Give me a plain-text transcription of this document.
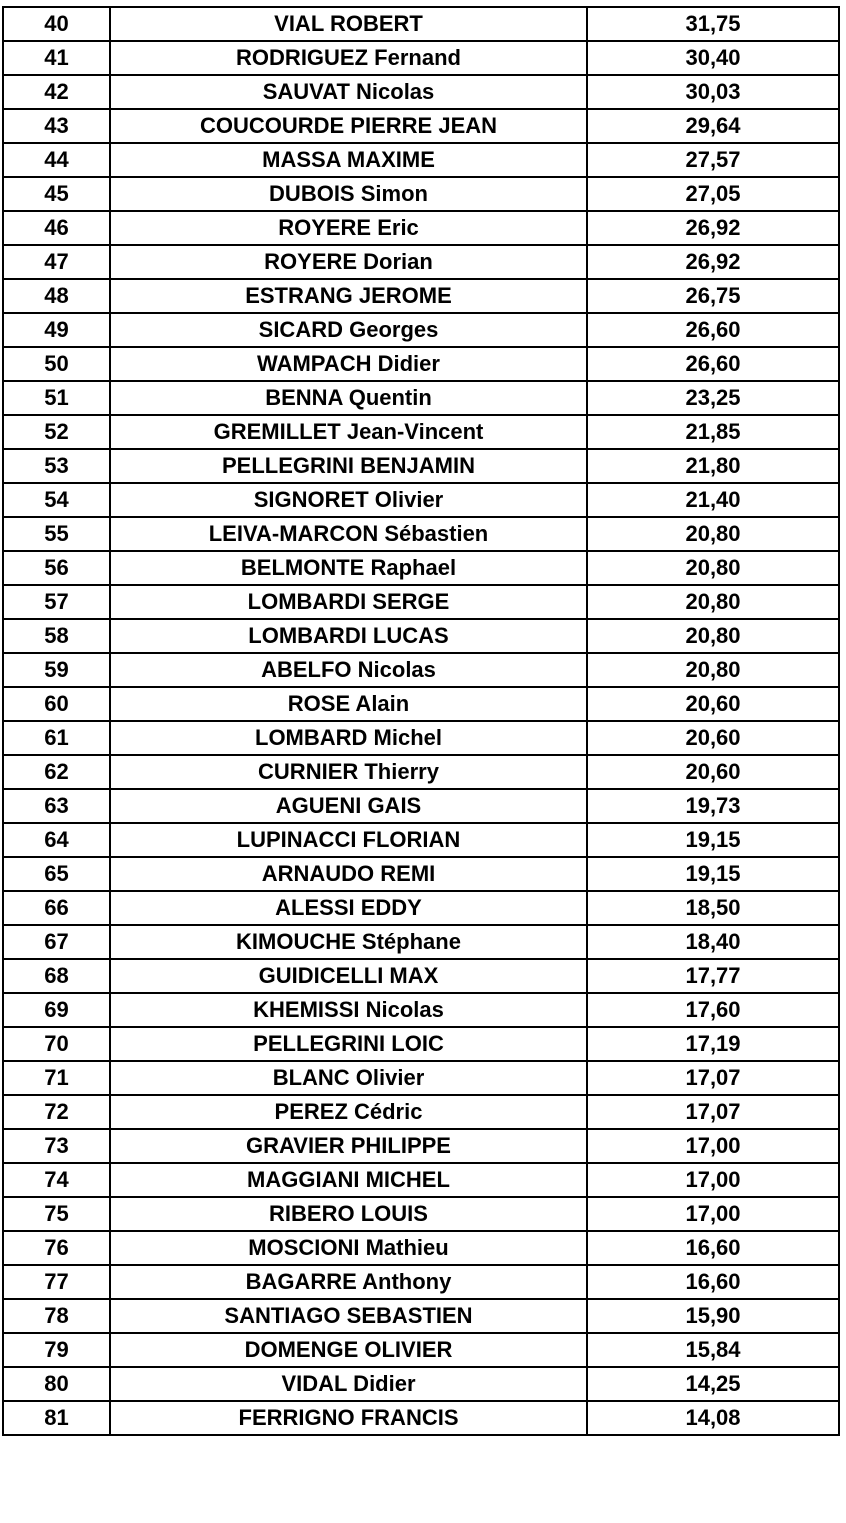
40	VIAL ROBERT	31,75
41	RODRIGUEZ Fernand	30,40
42	SAUVAT Nicolas	30,03
43	COUCOURDE PIERRE JEAN	29,64
44	MASSA MAXIME	27,57
45	DUBOIS Simon	27,05
46	ROYERE Eric	26,92
47	ROYERE Dorian	26,92
48	ESTRANG JEROME	26,75
49	SICARD Georges	26,60
50	WAMPACH Didier	26,60
51	BENNA Quentin	23,25
52	GREMILLET Jean-Vincent	21,85
53	PELLEGRINI BENJAMIN	21,80
54	SIGNORET Olivier	21,40
55	LEIVA-MARCON Sébastien	20,80
56	BELMONTE Raphael	20,80
57	LOMBARDI SERGE	20,80
58	LOMBARDI LUCAS	20,80
59	ABELFO Nicolas	20,80
60	ROSE Alain	20,60
61	LOMBARD Michel	20,60
62	CURNIER Thierry	20,60
63	AGUENI GAIS	19,73
64	LUPINACCI FLORIAN	19,15
65	ARNAUDO REMI	19,15
66	ALESSI EDDY	18,50
67	KIMOUCHE Stéphane	18,40
68	GUIDICELLI MAX	17,77
69	KHEMISSI Nicolas	17,60
70	PELLEGRINI LOIC	17,19
71	BLANC Olivier	17,07
72	PEREZ Cédric	17,07
73	GRAVIER PHILIPPE	17,00
74	MAGGIANI MICHEL	17,00
75	RIBERO LOUIS	17,00
76	MOSCIONI Mathieu	16,60
77	BAGARRE Anthony	16,60
78	SANTIAGO SEBASTIEN	15,90
79	DOMENGE OLIVIER	15,84
80	VIDAL Didier	14,25
81	FERRIGNO FRANCIS	14,08
